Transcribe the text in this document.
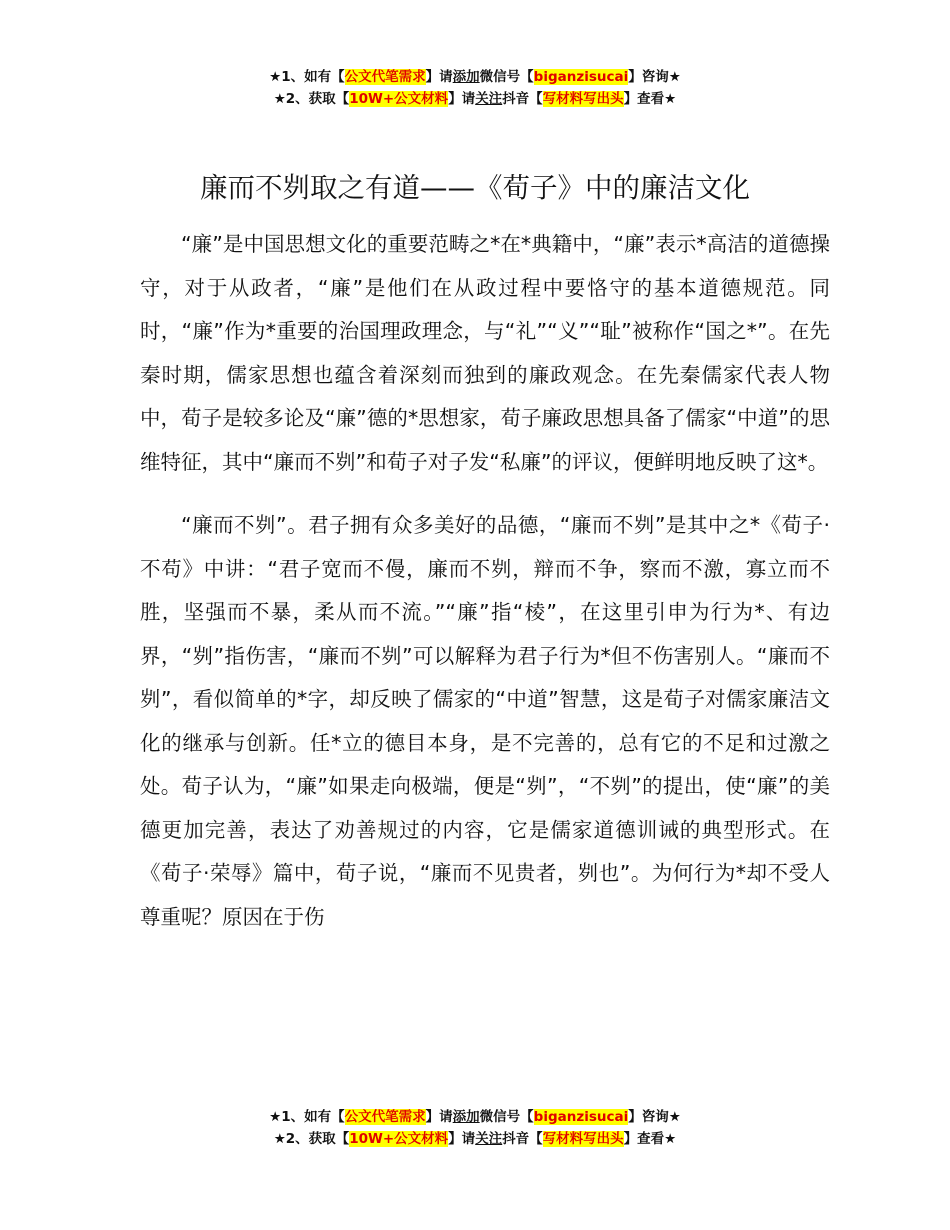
★1、如有【公文代笔需求】请添加微信号【biganzisucai】咨询★
★2、获取【10W+公文材料】请关注抖音【写材料写出头】查看★
廉而不刿取之有道——《荀子》中的廉洁文化

“廉”是中国思想文化的重要范畴之*在*典籍中，“廉”表示*高洁的道德操守，对于从政者，“廉”是他们在从政过程中要恪守的基本道德规范。同时，“廉”作为*重要的治国理政理念，与“礼”“义”“耻”被称作“国之*”。在先秦时期，儒家思想也蕴含着深刻而独到的廉政观念。在先秦儒家代表人物中，荀子是较多论及“廉”德的*思想家，荀子廉政思想具备了儒家“中道”的思维特征，其中“廉而不刿”和荀子对子发“私廉”的评议，便鲜明地反映了这*。

“廉而不刿”。君子拥有众多美好的品德，“廉而不刿”是其中之*《荀子·不苟》中讲：“君子宽而不僈，廉而不刿，辩而不争，察而不激，寡立而不胜，坚强而不暴，柔从而不流。”“廉”指“棱”，在这里引申为行为*、有边界，“刿”指伤害，“廉而不刿”可以解释为君子行为*但不伤害别人。“廉而不刿”，看似简单的*字，却反映了儒家的“中道”智慧，这是荀子对儒家廉洁文化的继承与创新。任*立的德目本身，是不完善的，总有它的不足和过激之处。荀子认为，“廉”如果走向极端，便是“刿”，“不刿”的提出，使“廉”的美德更加完善，表达了劝善规过的内容，它是儒家道德训诫的典型形式。在《荀子·荣辱》篇中，荀子说，“廉而不见贵者，刿也”。为何行为*却不受人尊重呢？原因在于伤

★1、如有【公文代笔需求】请添加微信号【biganzisucai】咨询★
★2、获取【10W+公文材料】请关注抖音【写材料写出头】查看★
